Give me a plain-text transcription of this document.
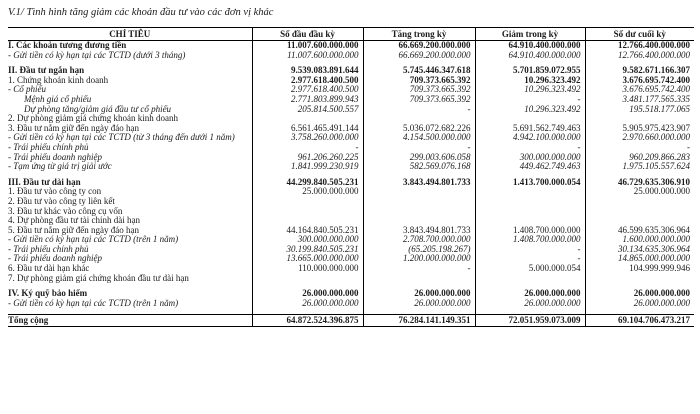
V.1/ Tình hình tăng giảm các khoản đầu tư vào các đơn vị khác
CHỈ TIÊU	Số đầu đầu kỳ	Tăng trong kỳ	Giảm trong kỳ	Số dư cuối kỳ
I. Các khoản tương đương tiền	11.007.600.000.000	66.669.200.000.000	64.910.400.000.000	12.766.400.000.000
- Gửi tiền có kỳ hạn tại các TCTD (dưới 3 tháng)	11.007.600.000.000	66.669.200.000.000	64.910.400.000.000	12.766.400.000.000

II. Đầu tư ngắn hạn	9.539.083.891.644	5.745.446.347.618	5.701.859.072.955	9.582.671.166.307
1. Chứng khoán kinh doanh	2.977.618.400.500	709.373.665.392	10.296.323.492	3.676.695.742.400
- Cổ phiếu	2.977.618.400.500	709.373.665.392	10.296.323.492	3.676.695.742.400
Mệnh giá cổ phiếu	2.771.803.899.943	709.373.665.392	-	3.481.177.565.335
Dự phòng tăng/giảm giá đầu tư cổ phiếu	205.814.500.557	-	10.296.323.492	195.518.177.065
2. Dự phòng giảm giá chứng khoán kinh doanh				
3. Đầu tư nắm giữ đến ngày đáo hạn	6.561.465.491.144	5.036.072.682.226	5.691.562.749.463	5.905.975.423.907
- Gửi tiền có kỳ hạn tại các TCTD (từ 3 tháng đến dưới 1 năm)	3.758.260.000.000	4.154.500.000.000	4.942.100.000.000	2.970.660.000.000
- Trái phiếu chính phủ	-	-	-	-
- Trái phiếu doanh nghiệp	961.206.260.225	299.003.606.058	300.000.000.000	960.209.866.283
- Tạm ứng từ giá trị giải ước	1.841.999.230.919	582.569.076.168	449.462.749.463	1.975.105.557.624

III. Đầu tư dài hạn	44.299.840.505.231	3.843.494.801.733	1.413.700.000.054	46.729.635.306.910
1. Đầu tư vào công ty con	25.000.000.000			25.000.000.000
2. Đầu tư vào công ty liên kết				
3. Đầu tư khác vào công cụ vốn				
4. Dự phòng đầu tư tài chính dài hạn				
5. Đầu tư nắm giữ đến ngày đáo hạn	44.164.840.505.231	3.843.494.801.733	1.408.700.000.000	46.599.635.306.964
- Gửi tiền có kỳ hạn tại các TCTD (trên 1 năm)	300.000.000.000	2.708.700.000.000	1.408.700.000.000	1.600.000.000.000
- Trái phiếu chính phủ	30.199.840.505.231	(65.205.198.267)	-	30.134.635.306.964
- Trái phiếu doanh nghiệp	13.665.000.000.000	1.200.000.000.000	-	14.865.000.000.000
6. Đầu tư dài hạn khác	110.000.000.000	-	5.000.000.054	104.999.999.946
7. Dự phòng giảm giá chứng khoán đầu tư dài hạn				

IV. Ký quỹ bảo hiểm	26.000.000.000	26.000.000.000	26.000.000.000	26.000.000.000
- Gửi tiền có kỳ hạn tại các TCTD (trên 1 năm)	26.000.000.000	26.000.000.000	26.000.000.000	26.000.000.000

Tổng cộng	64.872.524.396.875	76.284.141.149.351	72.051.959.073.009	69.104.706.473.217
